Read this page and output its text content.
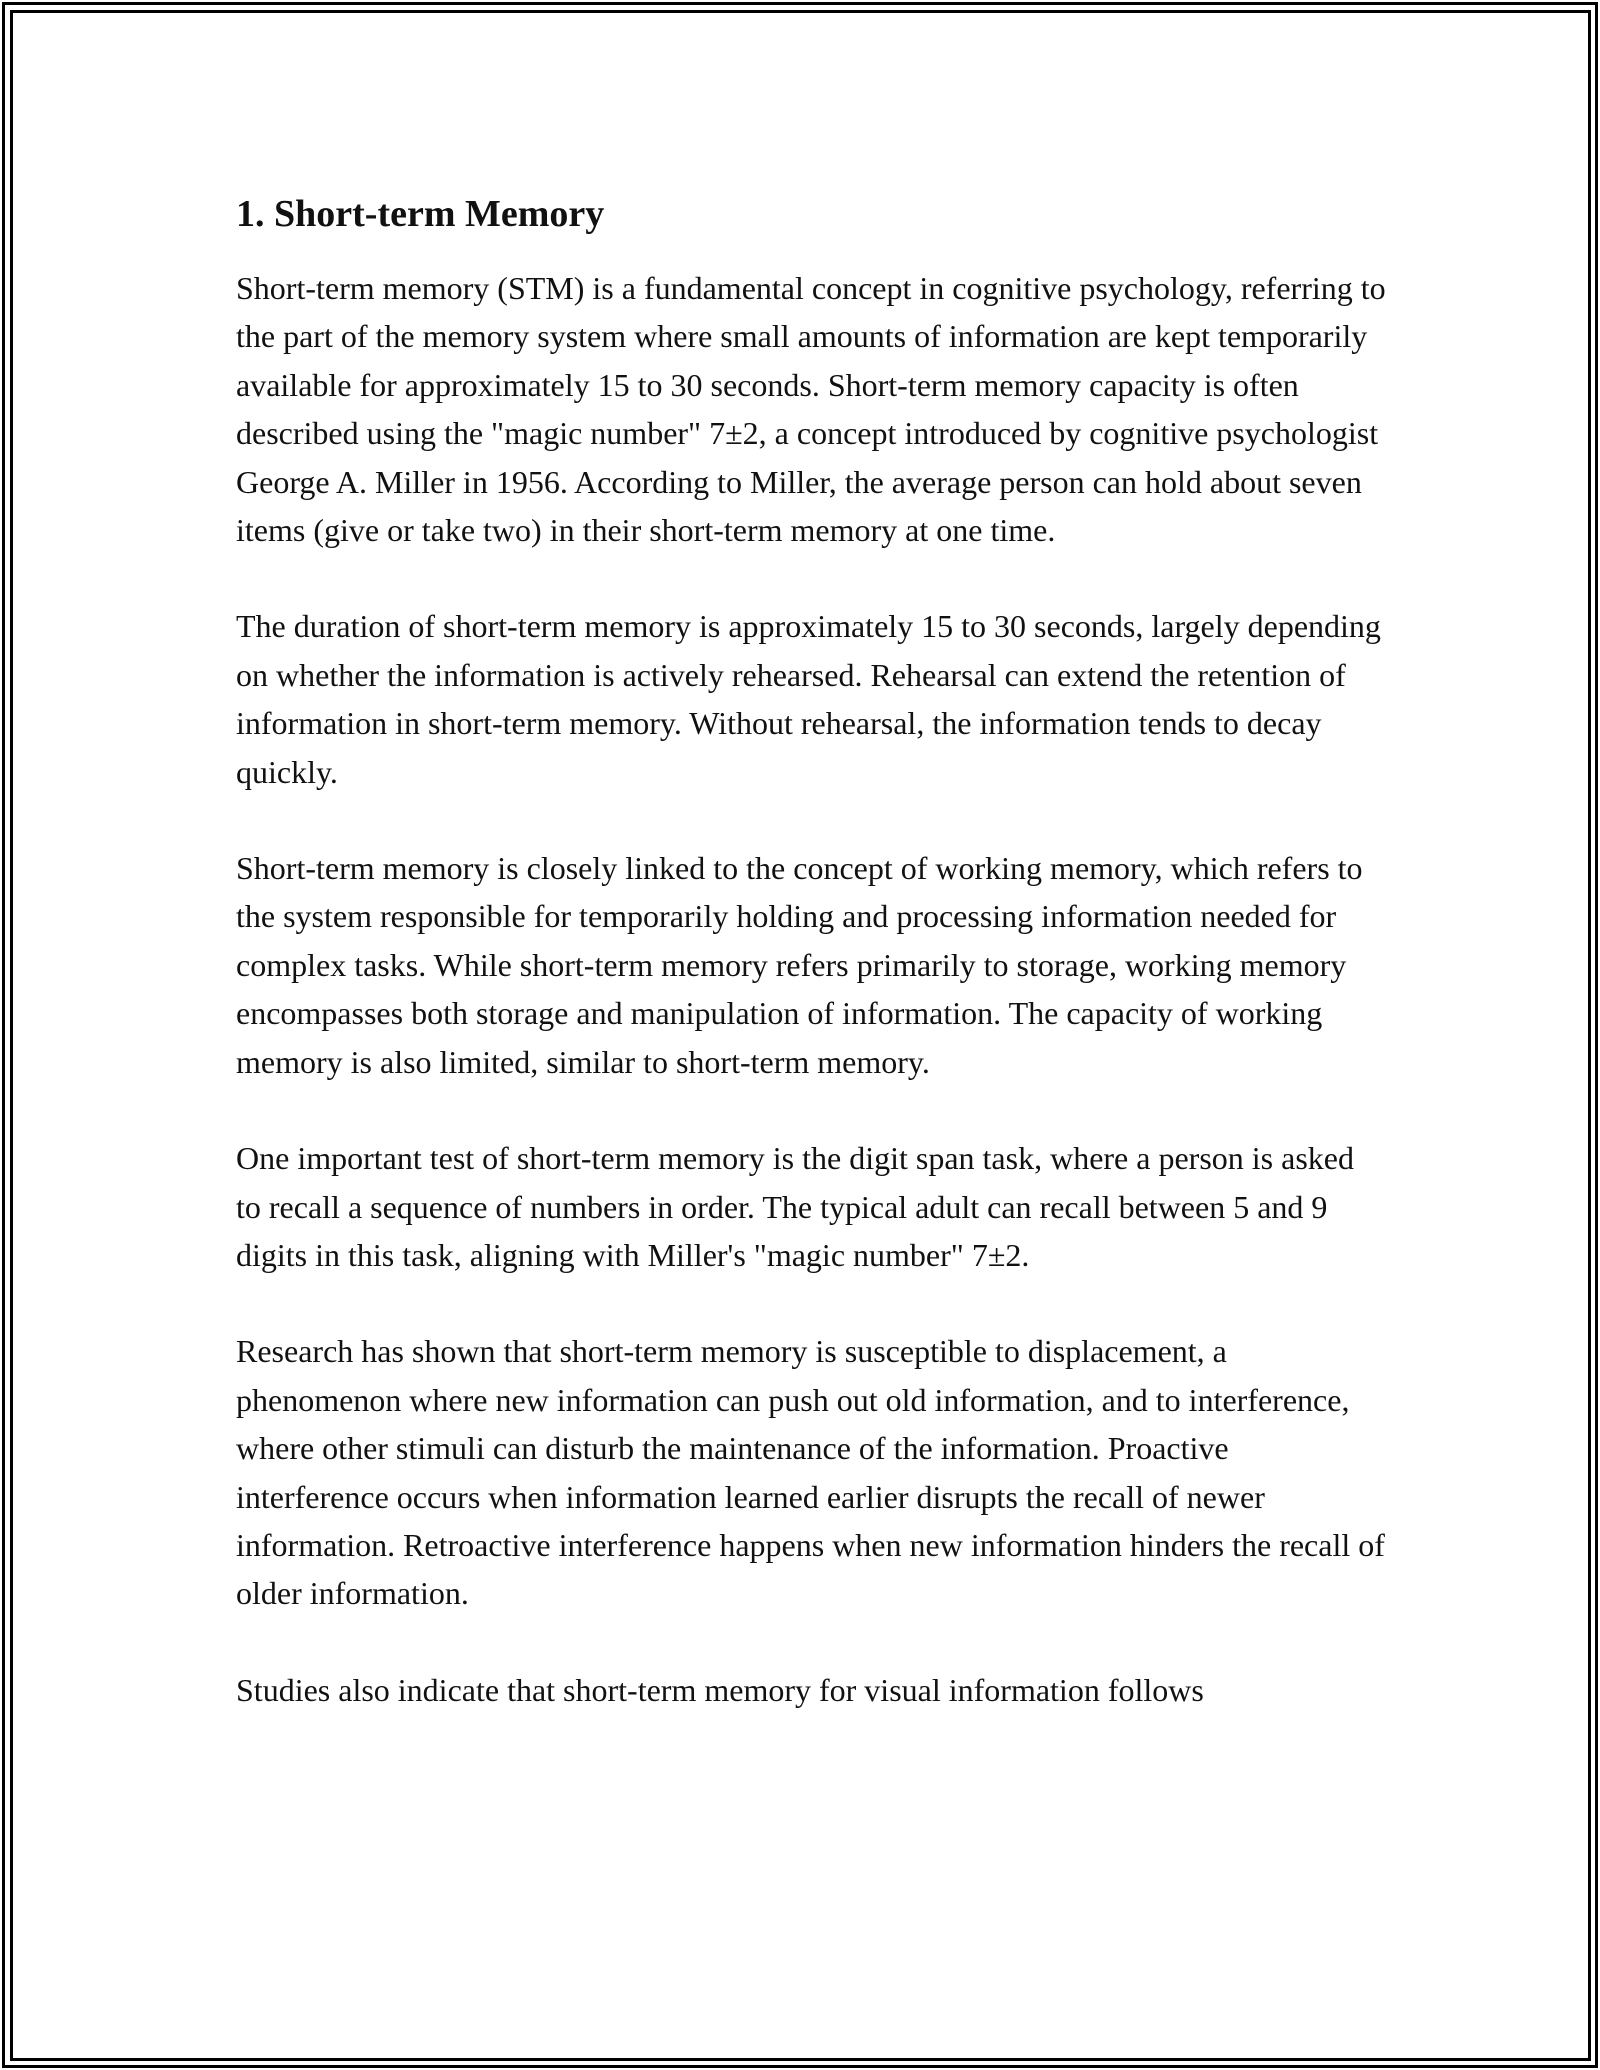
1. Short-term Memory

Short-term memory (STM) is a fundamental concept in cognitive psychology, referring to the part of the memory system where small amounts of information are kept temporarily available for approximately 15 to 30 seconds. Short-term memory capacity is often described using the "magic number" 7±2, a concept introduced by cognitive psychologist George A. Miller in 1956. According to Miller, the average person can hold about seven items (give or take two) in their short-term memory at one time.

The duration of short-term memory is approximately 15 to 30 seconds, largely depending on whether the information is actively rehearsed. Rehearsal can extend the retention of information in short-term memory. Without rehearsal, the information tends to decay quickly.

Short-term memory is closely linked to the concept of working memory, which refers to the system responsible for temporarily holding and processing information needed for complex tasks. While short-term memory refers primarily to storage, working memory encompasses both storage and manipulation of information. The capacity of working memory is also limited, similar to short-term memory.

One important test of short-term memory is the digit span task, where a person is asked to recall a sequence of numbers in order. The typical adult can recall between 5 and 9 digits in this task, aligning with Miller's "magic number" 7±2.

Research has shown that short-term memory is susceptible to displacement, a phenomenon where new information can push out old information, and to interference, where other stimuli can disturb the maintenance of the information. Proactive interference occurs when information learned earlier disrupts the recall of newer information. Retroactive interference happens when new information hinders the recall of older information.

Studies also indicate that short-term memory for visual information follows
